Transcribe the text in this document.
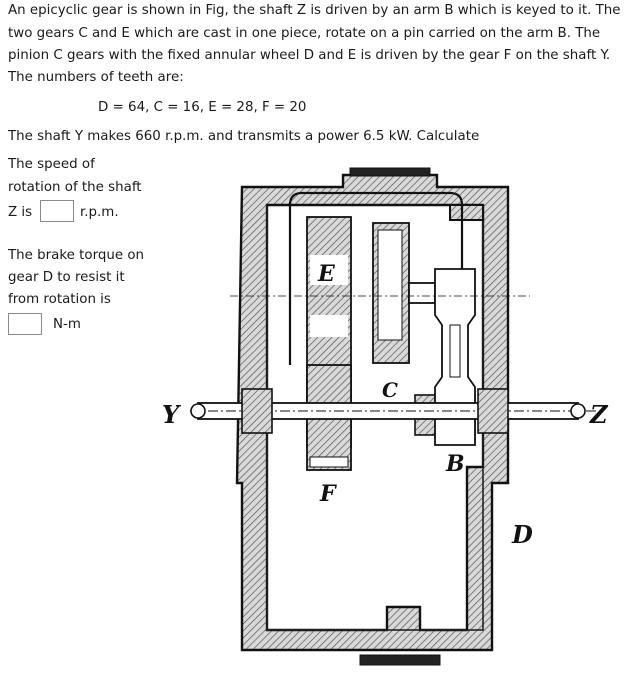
An epicyclic gear is shown in Fig, the shaft Z is driven by an arm B which is keyed to it. The
two gears C and E which are cast in one piece, rotate on a pin carried on the arm B. The
pinion C gears with the fixed annular wheel D and E is driven by the gear F on the shaft Y.
The numbers of teeth are:
D = 64, C = 16, E = 28, F = 20
The shaft Y makes 660 r.p.m. and transmits a power 6.5 kW. Calculate
The speed of
rotation of the shaft
Z is	r.p.m.
The brake torque on
gear D to resist it
from rotation is
N-m
Y	Z
E
C
B
F
D
